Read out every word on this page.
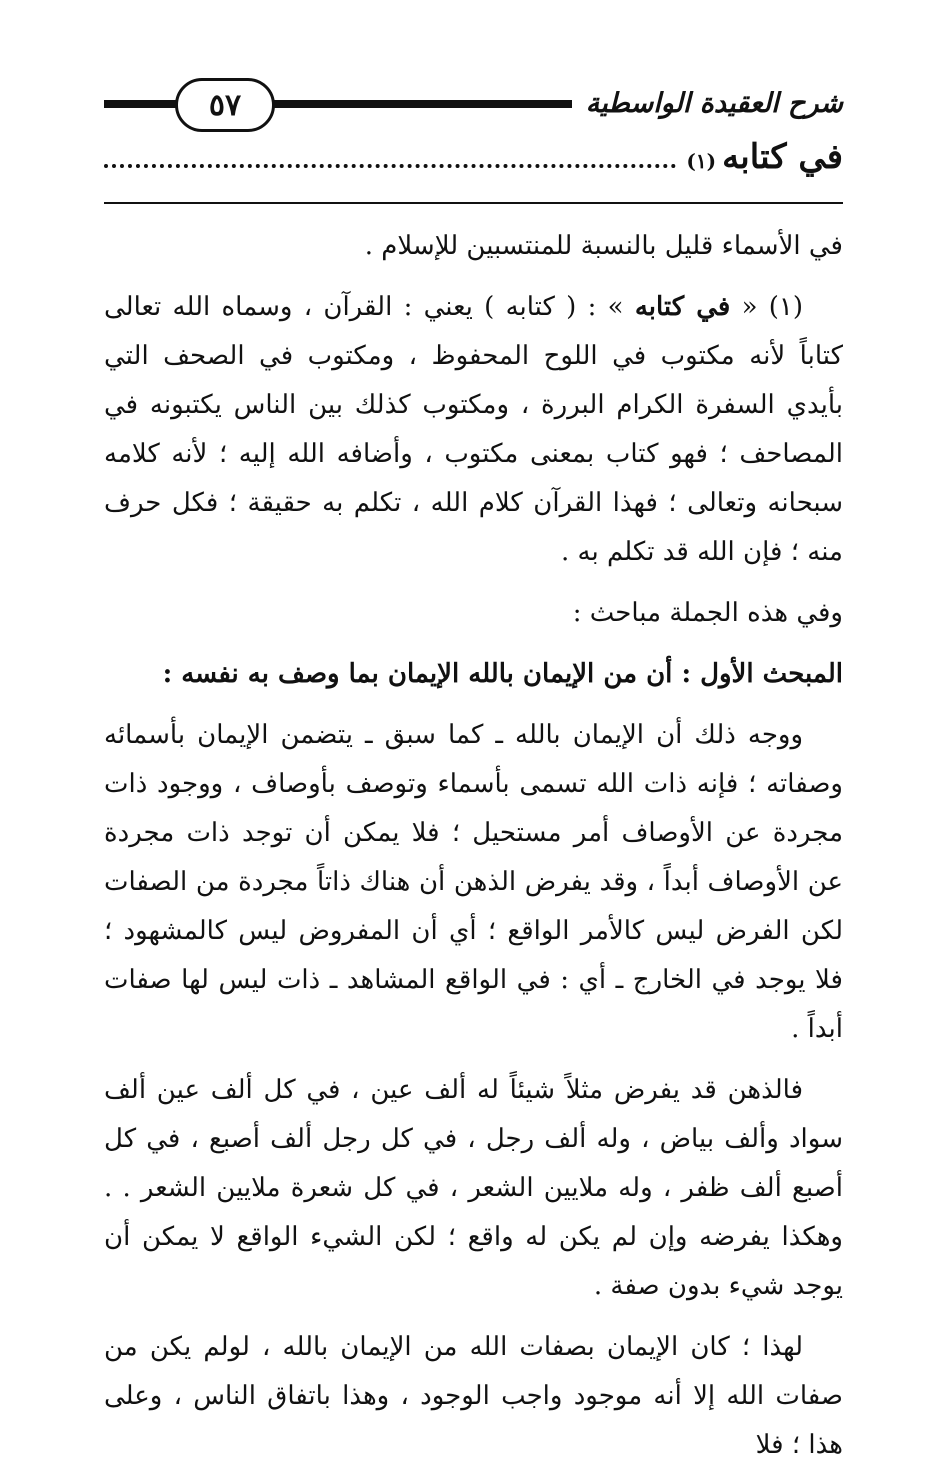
٥٧	شرح العقيدة الواسطية
في كتابه
(١)

في الأسماء قليل بالنسبة للمنتسبين للإسلام .

(١) « في كتابه » : ( كتابه ) يعني : القرآن ، وسماه الله تعالى كتاباً لأنه مكتوب في اللوح المحفوظ ، ومكتوب في الصحف التي بأيدي السفرة الكرام البررة ، ومكتوب كذلك بين الناس يكتبونه في المصاحف ؛ فهو كتاب بمعنى مكتوب ، وأضافه الله إليه ؛ لأنه كلامه سبحانه وتعالى ؛ فهذا القرآن كلام الله ، تكلم به حقيقة ؛ فكل حرف منه ؛ فإن الله قد تكلم به .

وفي هذه الجملة مباحث :

المبحث الأول : أن من الإيمان بالله الإيمان بما وصف به نفسه :

ووجه ذلك أن الإيمان بالله ـ كما سبق ـ يتضمن الإيمان بأسمائه وصفاته ؛ فإنه ذات الله تسمى بأسماء وتوصف بأوصاف ، ووجود ذات مجردة عن الأوصاف أمر مستحيل ؛ فلا يمكن أن توجد ذات مجردة عن الأوصاف أبداً ، وقد يفرض الذهن أن هناك ذاتاً مجردة من الصفات لكن الفرض ليس كالأمر الواقع ؛ أي أن المفروض ليس كالمشهود ؛ فلا يوجد في الخارج ـ أي : في الواقع المشاهد ـ ذات ليس لها صفات أبداً .

فالذهن قد يفرض مثلاً شيئاً له ألف عين ، في كل ألف عين ألف سواد وألف بياض ، وله ألف رجل ، في كل رجل ألف أصبع ، في كل أصبع ألف ظفر ، وله ملايين الشعر ، في كل شعرة ملايين الشعر . . وهكذا يفرضه وإن لم يكن له واقع ؛ لكن الشيء الواقع لا يمكن أن يوجد شيء بدون صفة .

لهذا ؛ كان الإيمان بصفات الله من الإيمان بالله ، لولم يكن من صفات الله إلا أنه موجود واجب الوجود ، وهذا باتفاق الناس ، وعلى هذا ؛ فلا
